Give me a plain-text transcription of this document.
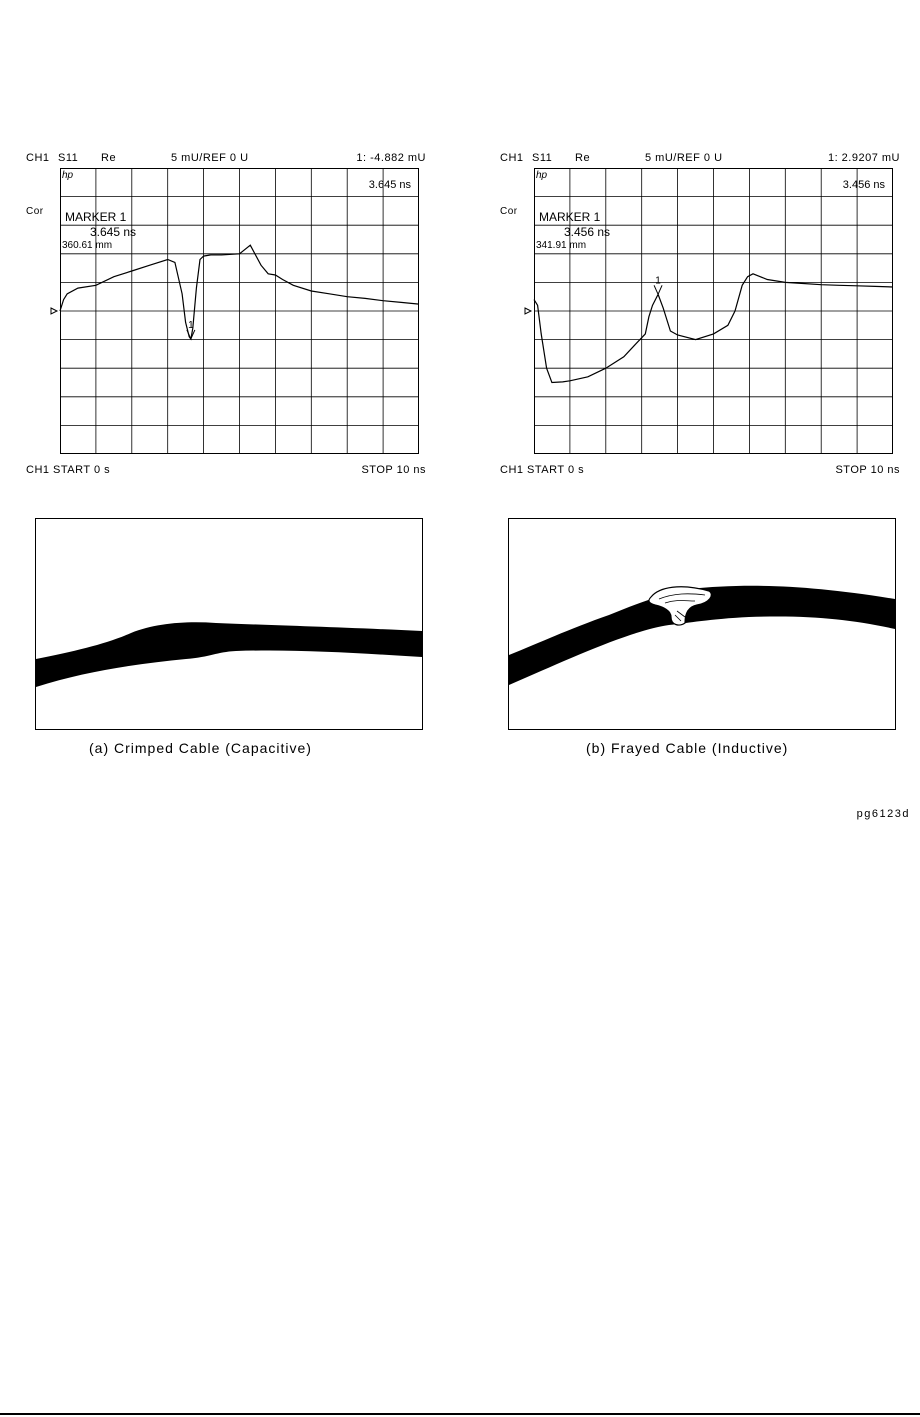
CH1 S11 Re	5 mU/REF 0 U	1: -4.882 mU
Cor
hp
3.645 ns
MARKER 1
3.645 ns
360.61 mm
1
CH1 START 0 s	STOP 10 ns
CH1 S11 Re	5 mU/REF 0 U	1: 2.9207 mU
Cor
hp
3.456 ns
MARKER 1
3.456 ns
341.91 mm
1
CH1 START 0 s	STOP 10 ns
(a) Crimped Cable (Capacitive)	(b) Frayed Cable (Inductive)
pg6123d
